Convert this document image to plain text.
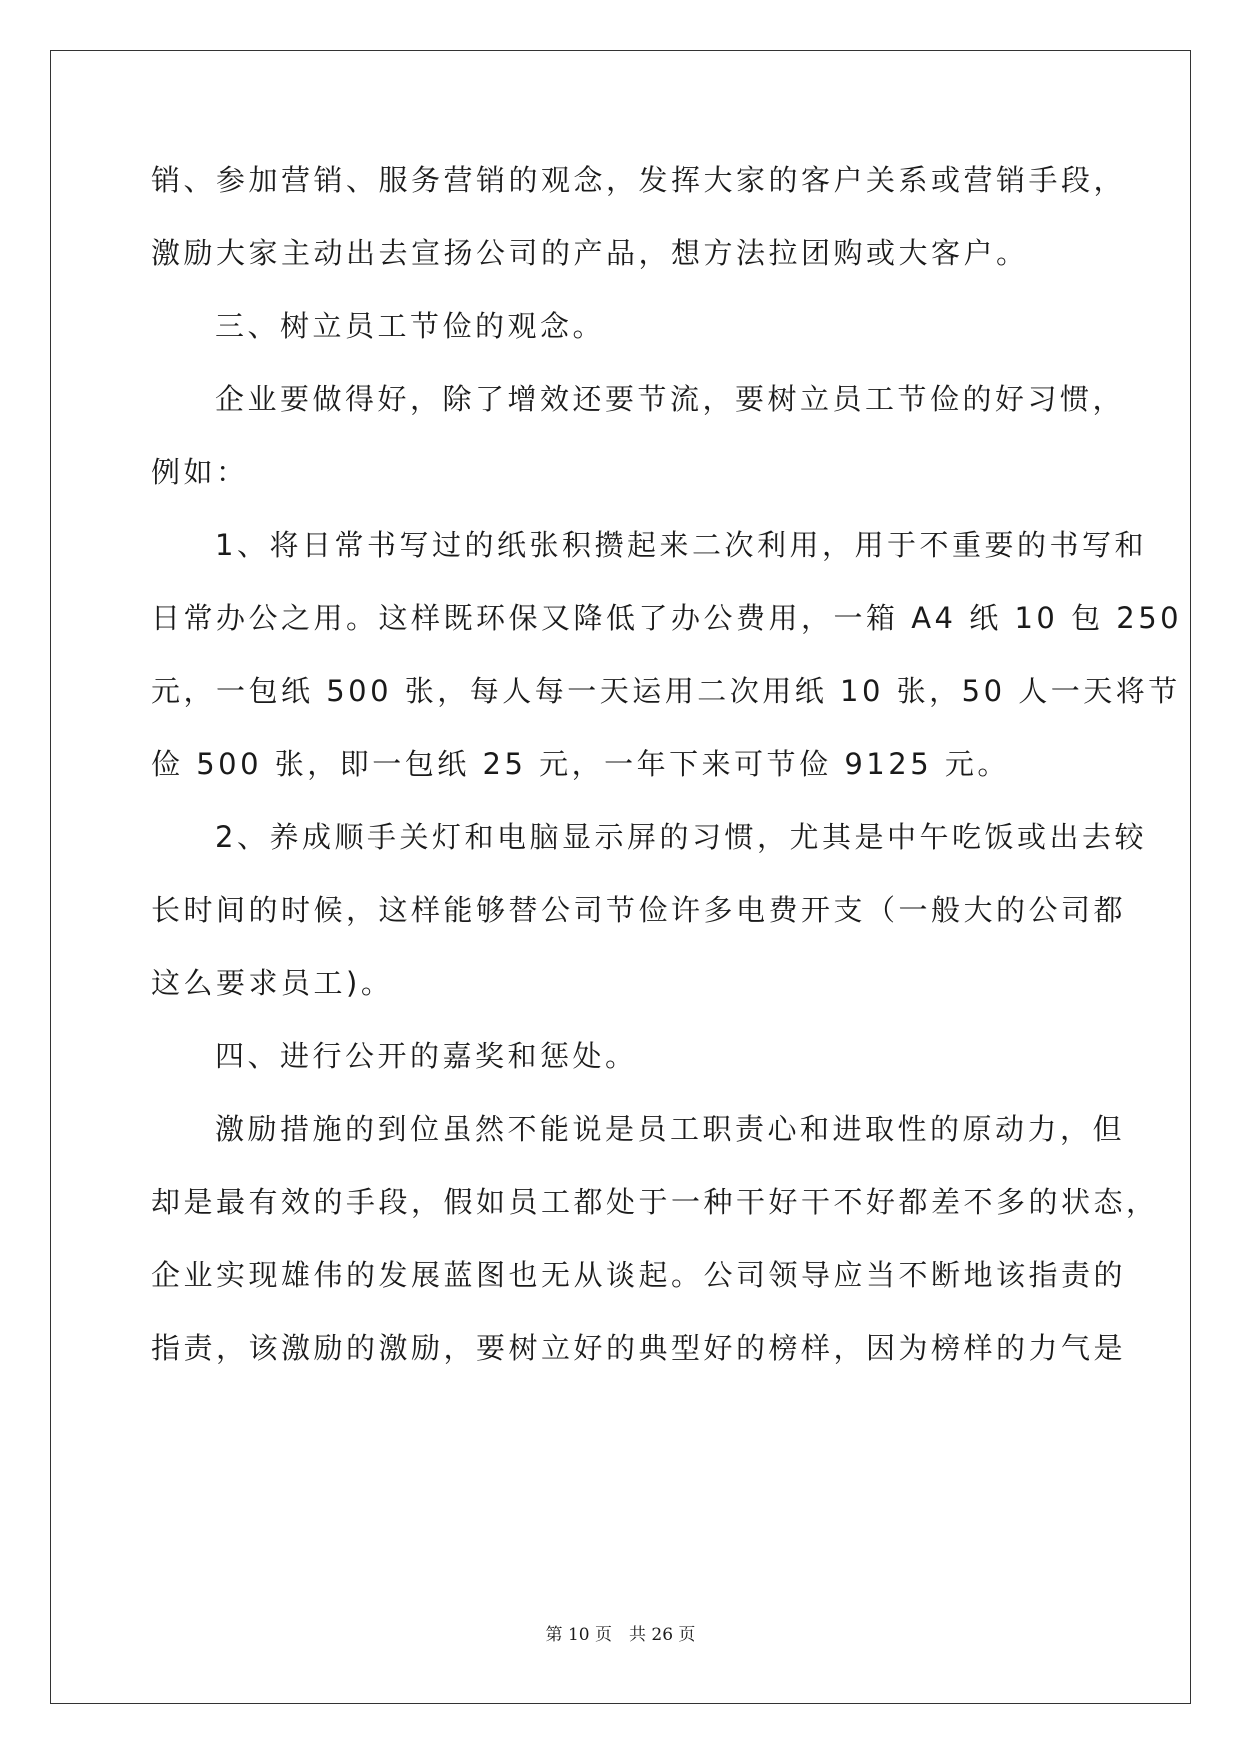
销、参加营销、服务营销的观念，发挥大家的客户关系或营销手段，
激励大家主动出去宣扬公司的产品，想方法拉团购或大客户。
三、树立员工节俭的观念。
企业要做得好，除了增效还要节流，要树立员工节俭的好习惯，
例如：
1、将日常书写过的纸张积攒起来二次利用，用于不重要的书写和
日常办公之用。这样既环保又降低了办公费用，一箱 A4 纸 10 包 250
元，一包纸 500 张，每人每一天运用二次用纸 10 张，50 人一天将节
俭 500 张，即一包纸 25 元，一年下来可节俭 9125 元。
2、养成顺手关灯和电脑显示屏的习惯，尤其是中午吃饭或出去较
长时间的时候，这样能够替公司节俭许多电费开支（一般大的公司都
这么要求员工)。
四、进行公开的嘉奖和惩处。
激励措施的到位虽然不能说是员工职责心和进取性的原动力，但
却是最有效的手段，假如员工都处于一种干好干不好都差不多的状态，
企业实现雄伟的发展蓝图也无从谈起。公司领导应当不断地该指责的
指责，该激励的激励，要树立好的典型好的榜样，因为榜样的力气是
第 10 页　共 26 页
